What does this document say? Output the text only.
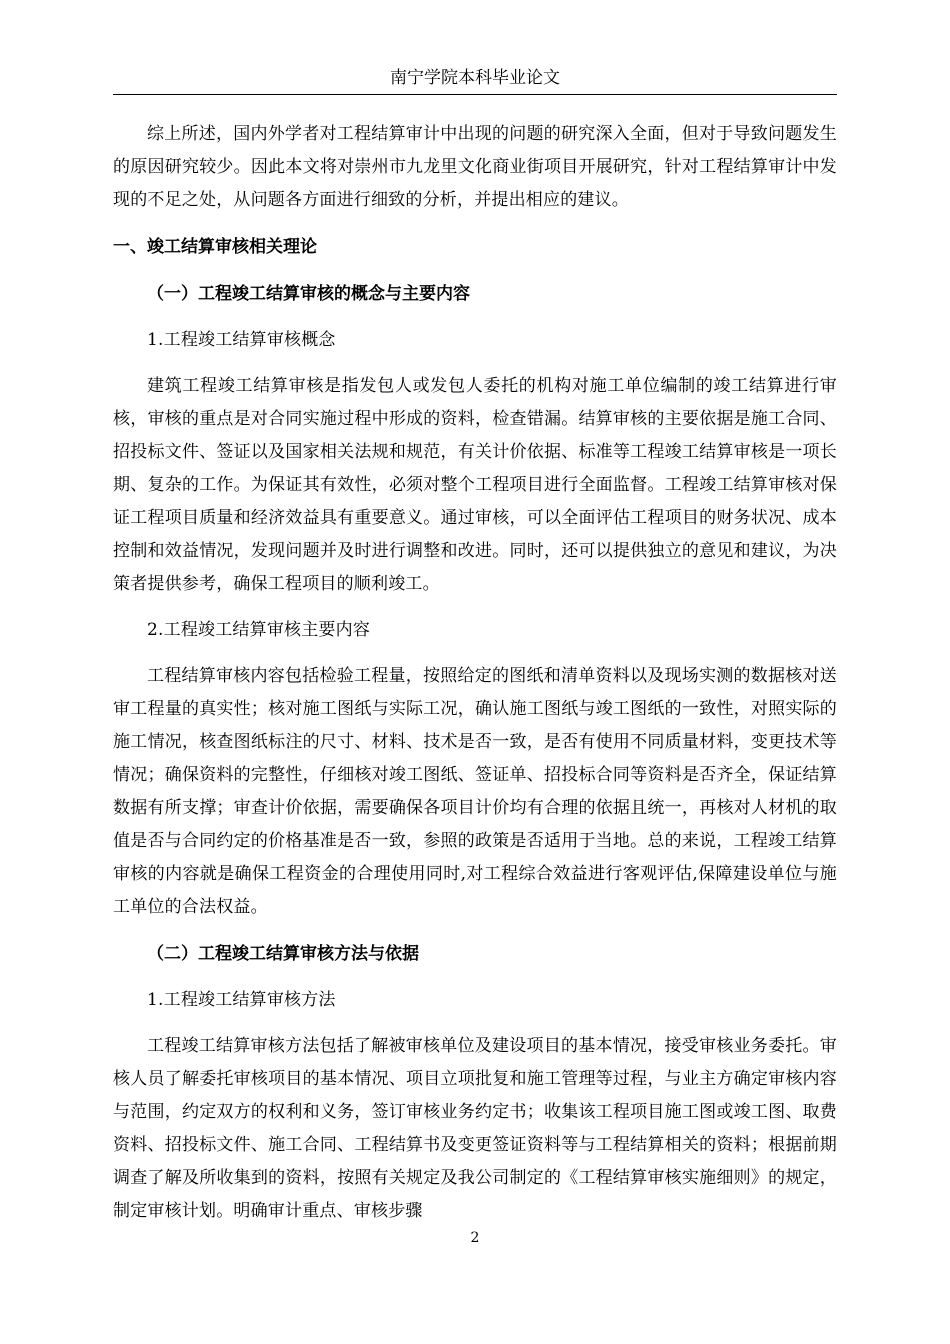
南宁学院本科毕业论文

综上所述，国内外学者对工程结算审计中出现的问题的研究深入全面，但对于导致问题发生的原因研究较少。因此本文将对崇州市九龙里文化商业街项目开展研究，针对工程结算审计中发现的不足之处，从问题各方面进行细致的分析，并提出相应的建议。

一、竣工结算审核相关理论
（一）工程竣工结算审核的概念与主要内容

1.工程竣工结算审核概念

建筑工程竣工结算审核是指发包人或发包人委托的机构对施工单位编制的竣工结算进行审核，审核的重点是对合同实施过程中形成的资料，检查错漏。结算审核的主要依据是施工合同、招投标文件、签证以及国家相关法规和规范，有关计价依据、标准等工程竣工结算审核是一项长期、复杂的工作。为保证其有效性，必须对整个工程项目进行全面监督。工程竣工结算审核对保证工程项目质量和经济效益具有重要意义。通过审核，可以全面评估工程项目的财务状况、成本控制和效益情况，发现问题并及时进行调整和改进。同时，还可以提供独立的意见和建议，为决策者提供参考，确保工程项目的顺利竣工。

2.工程竣工结算审核主要内容

工程结算审核内容包括检验工程量，按照给定的图纸和清单资料以及现场实测的数据核对送审工程量的真实性；核对施工图纸与实际工况，确认施工图纸与竣工图纸的一致性，对照实际的施工情况，核查图纸标注的尺寸、材料、技术是否一致，是否有使用不同质量材料，变更技术等情况；确保资料的完整性，仔细核对竣工图纸、签证单、招投标合同等资料是否齐全，保证结算数据有所支撑；审查计价依据，需要确保各项目计价均有合理的依据且统一，再核对人材机的取值是否与合同约定的价格基准是否一致，参照的政策是否适用于当地。总的来说，工程竣工结算审核的内容就是确保工程资金的合理使用同时,对工程综合效益进行客观评估,保障建设单位与施工单位的合法权益。

（二）工程竣工结算审核方法与依据

1.工程竣工结算审核方法

工程竣工结算审核方法包括了解被审核单位及建设项目的基本情况，接受审核业务委托。审核人员了解委托审核项目的基本情况、项目立项批复和施工管理等过程，与业主方确定审核内容与范围，约定双方的权利和义务，签订审核业务约定书；收集该工程项目施工图或竣工图、取费资料、招投标文件、施工合同、工程结算书及变更签证资料等与工程结算相关的资料；根据前期调查了解及所收集到的资料，按照有关规定及我公司制定的《工程结算审核实施细则》的规定，制定审核计划。明确审计重点、审核步骤

2
